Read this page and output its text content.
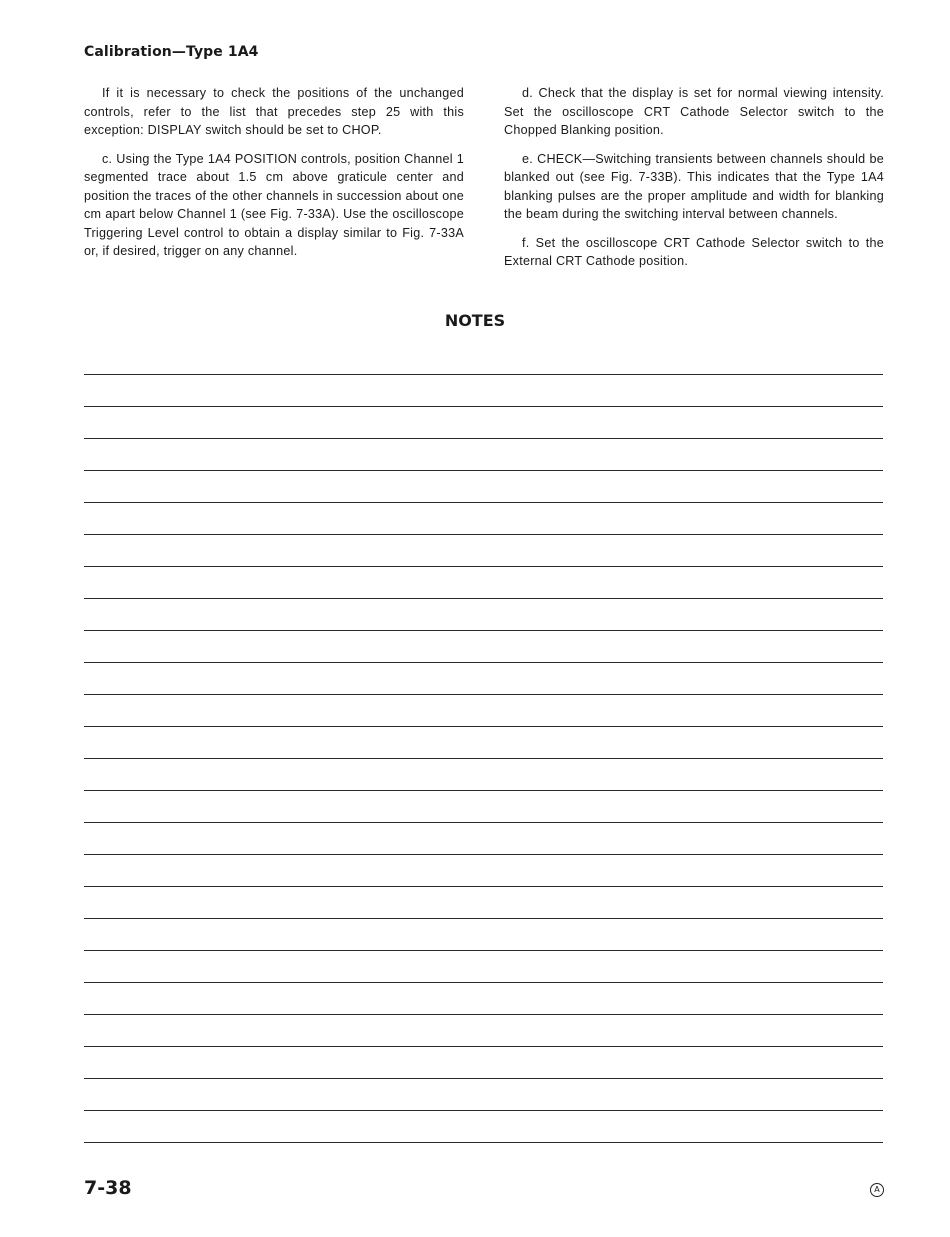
Calibration—Type 1A4

If it is necessary to check the positions of the unchanged controls, refer to the list that precedes step 25 with this exception: DISPLAY switch should be set to CHOP.

c. Using the Type 1A4 POSITION controls, position Channel 1 segmented trace about 1.5 cm above graticule center and position the traces of the other channels in succession about one cm apart below Channel 1 (see Fig. 7-33A). Use the oscilloscope Triggering Level control to obtain a display similar to Fig. 7-33A or, if desired, trigger on any channel.

d. Check that the display is set for normal viewing intensity. Set the oscilloscope CRT Cathode Selector switch to the Chopped Blanking position.

e. CHECK—Switching transients between channels should be blanked out (see Fig. 7-33B). This indicates that the Type 1A4 blanking pulses are the proper amplitude and width for blanking the beam during the switching interval between channels.

f. Set the oscilloscope CRT Cathode Selector switch to the External CRT Cathode position.

NOTES
7-38	A
